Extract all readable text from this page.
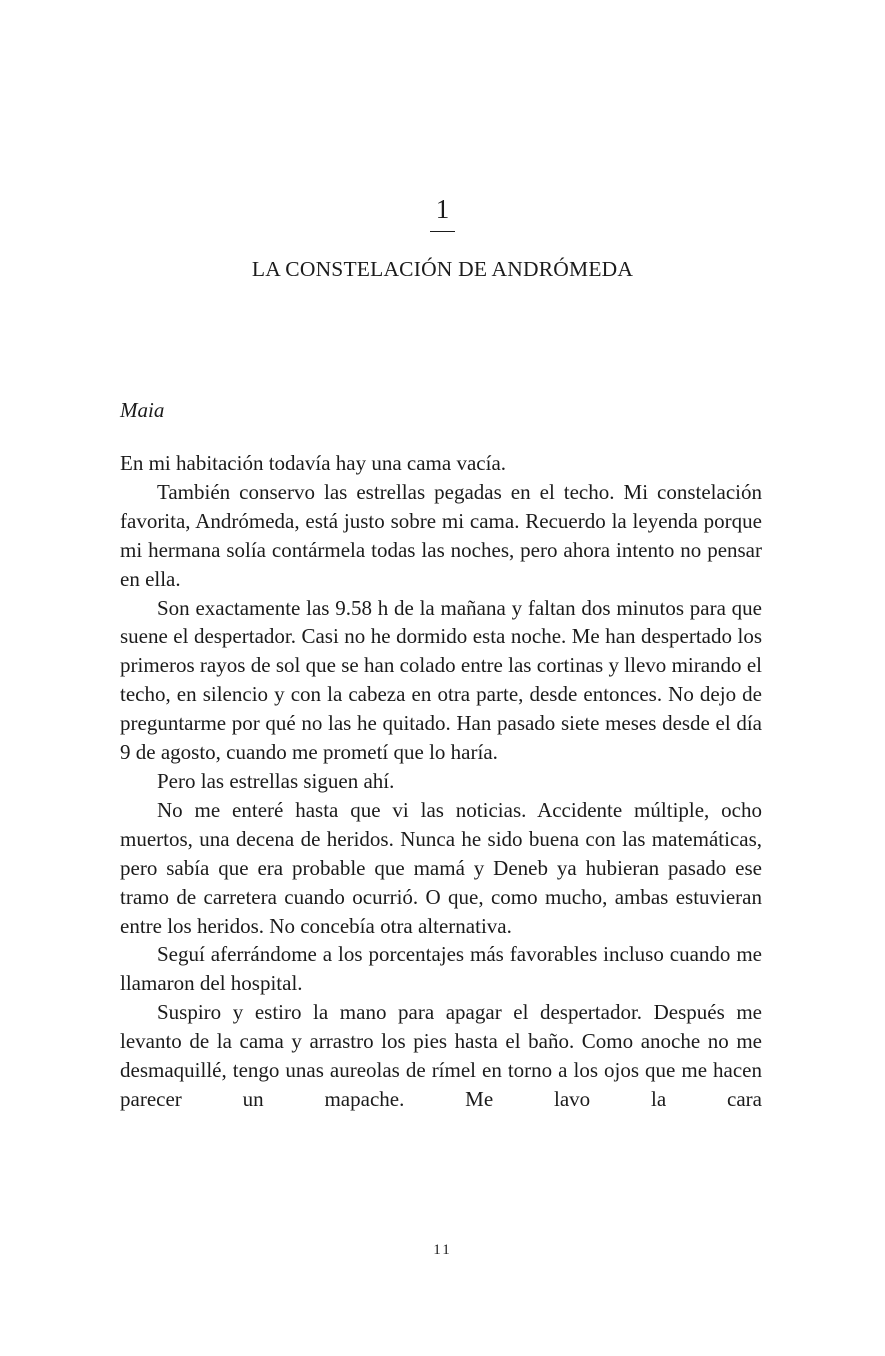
1
LA CONSTELACIÓN DE ANDRÓMEDA
Maia

En mi habitación todavía hay una cama vacía.

También conservo las estrellas pegadas en el techo. Mi constelación favorita, Andrómeda, está justo sobre mi cama. Recuerdo la leyenda porque mi hermana solía contármela todas las noches, pero ahora intento no pensar en ella.

Son exactamente las 9.58 h de la mañana y faltan dos minutos para que suene el despertador. Casi no he dormido esta noche. Me han despertado los primeros rayos de sol que se han colado entre las cortinas y llevo mirando el techo, en silencio y con la cabeza en otra parte, desde entonces. No dejo de preguntarme por qué no las he quitado. Han pasado siete meses desde el día 9 de agosto, cuando me prometí que lo haría.

Pero las estrellas siguen ahí.

No me enteré hasta que vi las noticias. Accidente múltiple, ocho muertos, una decena de heridos. Nunca he sido buena con las matemáticas, pero sabía que era probable que mamá y Deneb ya hubieran pasado ese tramo de carretera cuando ocurrió. O que, como mucho, ambas estuvieran entre los heridos. No concebía otra alternativa.

Seguí aferrándome a los porcentajes más favorables incluso cuando me llamaron del hospital.

Suspiro y estiro la mano para apagar el despertador. Después me levanto de la cama y arrastro los pies hasta el baño. Como anoche no me desmaquillé, tengo unas aureolas de rímel en torno a los ojos que me hacen parecer un mapache. Me lavo la cara

11
